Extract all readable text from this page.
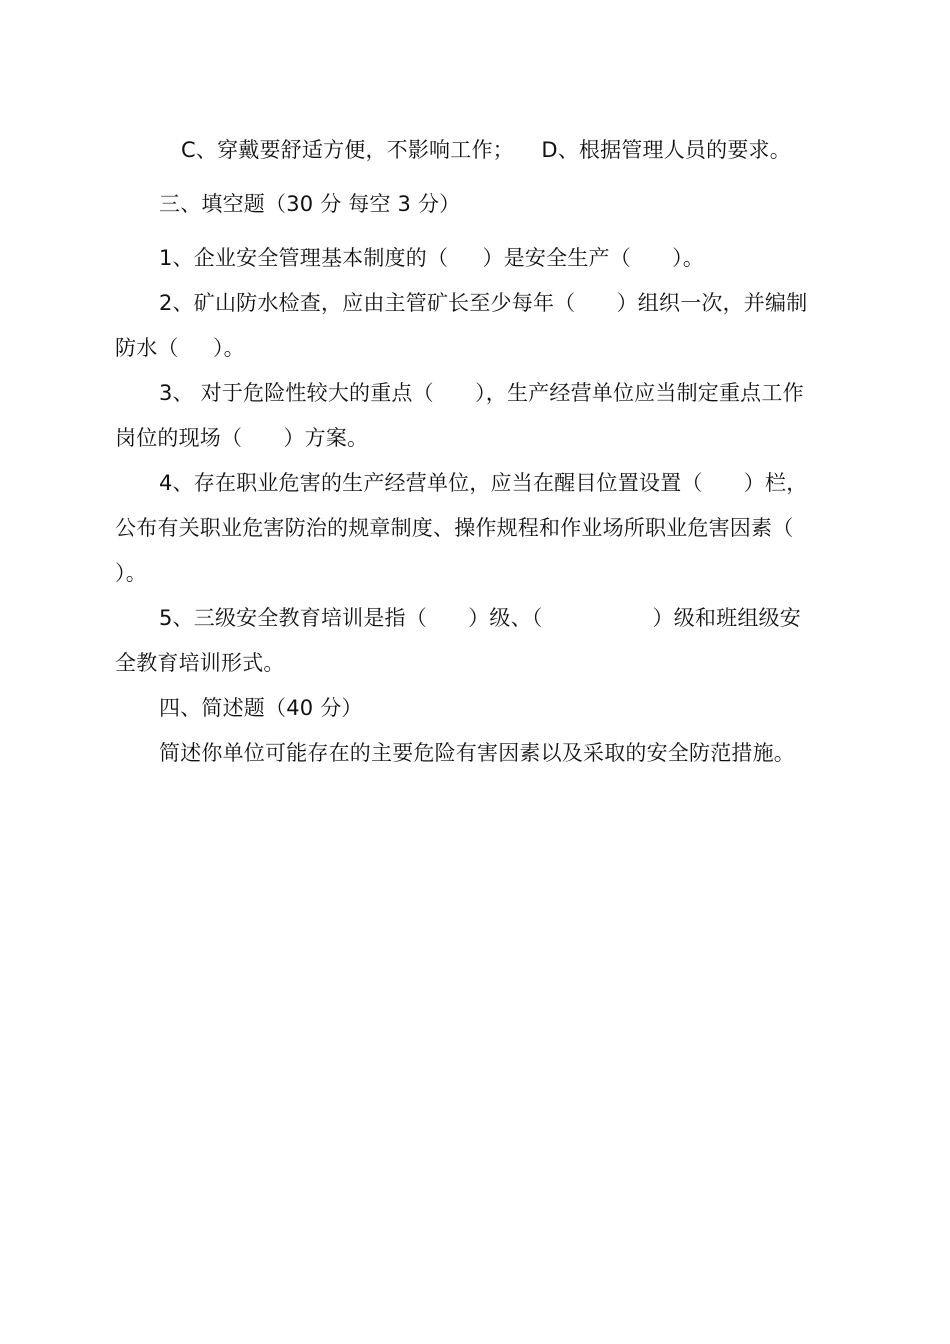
C、穿戴要舒适方便，不影响工作；    D、根据管理人员的要求。
三、填空题（30 分 每空 3 分）
1、企业安全管理基本制度的（     ）是安全生产（      ）。
2、矿山防水检查，应由主管矿长至少每年（      ）组织一次，并编制
防水（     ）。
3、 对于危险性较大的重点（      ），生产经营单位应当制定重点工作
岗位的现场（      ）方案。
4、存在职业危害的生产经营单位，应当在醒目位置设置（      ）栏，
公布有关职业危害防治的规章制度、操作规程和作业场所职业危害因素（
）。
5、三级安全教育培训是指（      ）级、（                ）级和班组级安
全教育培训形式。
四、简述题（40 分）
简述你单位可能存在的主要危险有害因素以及采取的安全防范措施。
